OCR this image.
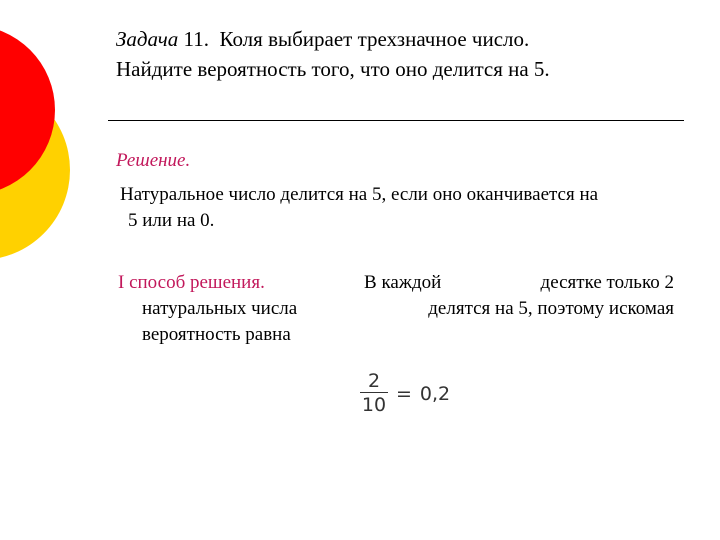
Задача 11. Коля выбирает трехзначное число.
Найдите вероятность того, что оно делится на 5.
Решение.
Натуральное число делится на 5, если оно оканчивается на
5 или на 0.
I способ решения.	В каждой	десятке только 2
натуральных числа	делятся на 5, поэтому искомая
вероятность равна
$\frac{2}{10} = 0,2$
